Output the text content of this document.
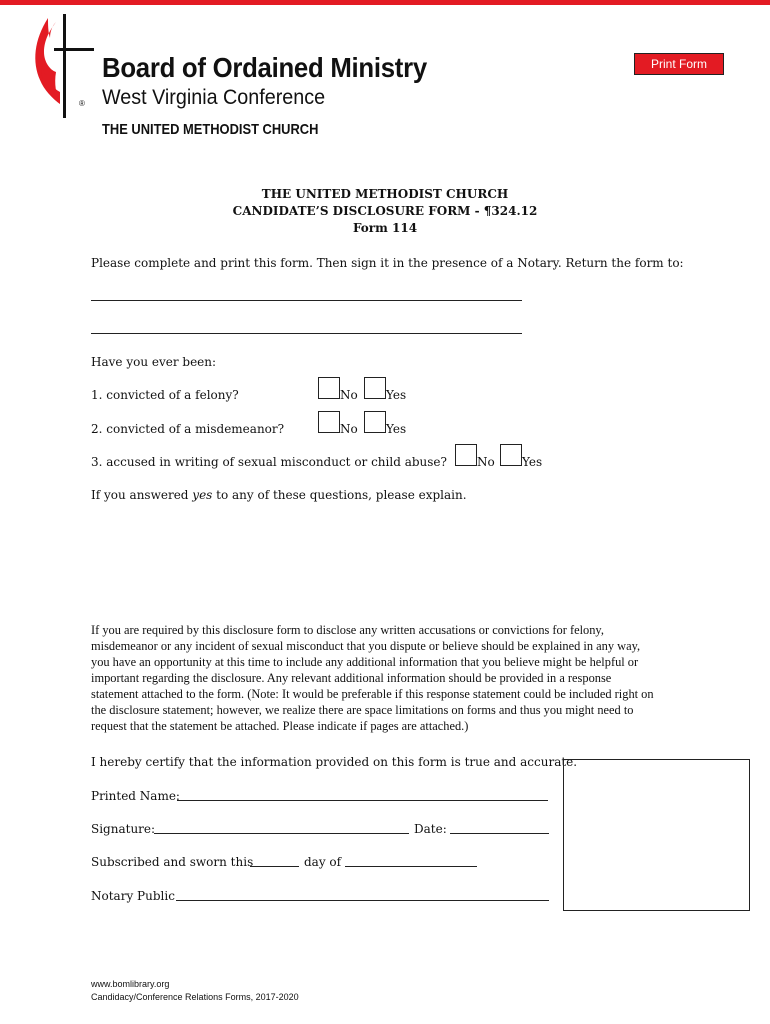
Board of Ordained Ministry
West Virginia Conference
®
THE UNITED METHODIST CHURCH
Print Form
THE UNITED METHODIST CHURCH
CANDIDATE’S DISCLOSURE FORM - ¶324.12
Form 114
Please complete and print this form. Then sign it in the presence of a Notary. Return the form to:
Have you ever been:
1. convicted of a felony?	No	Yes
2. convicted of a misdemeanor?	No	Yes
3. accused in writing of sexual misconduct or child abuse?	No	Yes
If you answered yes to any of these questions, please explain.
If you are required by this disclosure form to disclose any written accusations or convictions for felony,
misdemeanor or any incident of sexual misconduct that you dispute or believe should be explained in any way,
you have an opportunity at this time to include any additional information that you believe might be helpful or
important regarding the disclosure. Any relevant additional information should be provided in a response
statement attached to the form. (Note: It would be preferable if this response statement could be included right on
the disclosure statement; however, we realize there are space limitations on forms and thus you might need to
request that the statement be attached. Please indicate if pages are attached.)
I hereby certify that the information provided on this form is true and accurate.
Printed Name:
Signature:	Date:
Subscribed and sworn this	day of
Notary Public
www.bomlibrary.org
Candidacy/Conference Relations Forms, 2017-2020
